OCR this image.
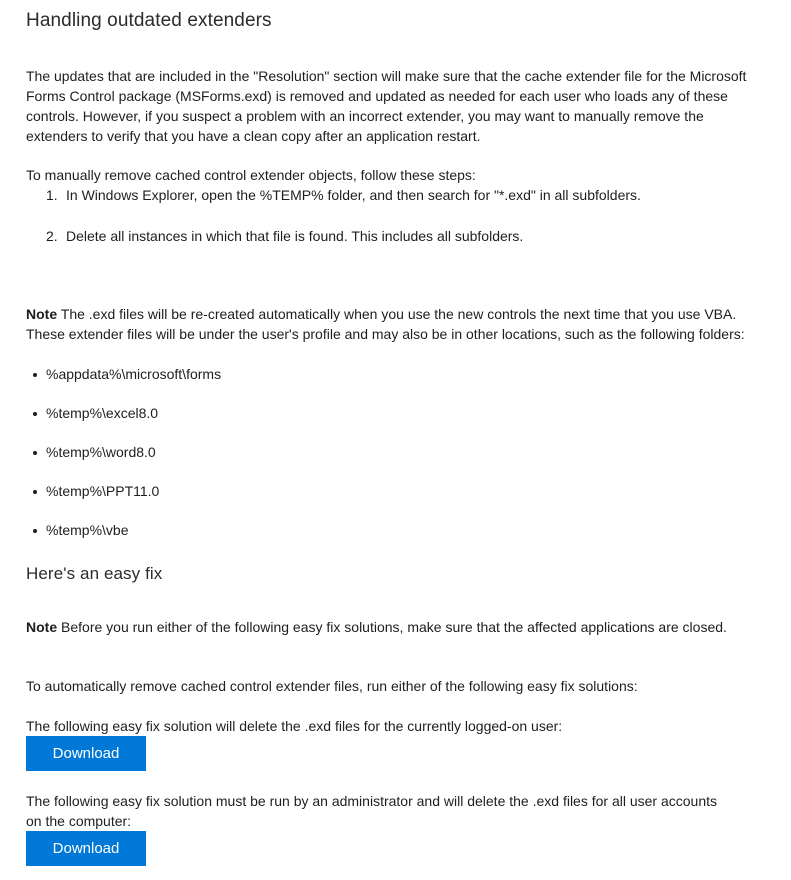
Handling outdated extenders

The updates that are included in the "Resolution" section will make sure that the cache extender file for the Microsoft Forms Control package (MSForms.exd) is removed and updated as needed for each user who loads any of these controls. However, if you suspect a problem with an incorrect extender, you may want to manually remove the extenders to verify that you have a clean copy after an application restart.

To manually remove cached control extender objects, follow these steps:

1. In Windows Explorer, open the %TEMP% folder, and then search for "*.exd" in all subfolders.
2. Delete all instances in which that file is found. This includes all subfolders.

Note The .exd files will be re-created automatically when you use the new controls the next time that you use VBA. These extender files will be under the user's profile and may also be in other locations, such as the following folders:

%appdata%\microsoft\forms
%temp%\excel8.0
%temp%\word8.0
%temp%\PPT11.0
%temp%\vbe
Here's an easy fix

Note Before you run either of the following easy fix solutions, make sure that the affected applications are closed.

To automatically remove cached control extender files, run either of the following easy fix solutions:

The following easy fix solution will delete the .exd files for the currently logged-on user:

Download

The following easy fix solution must be run by an administrator and will delete the .exd files for all user accounts on the computer:

Download
